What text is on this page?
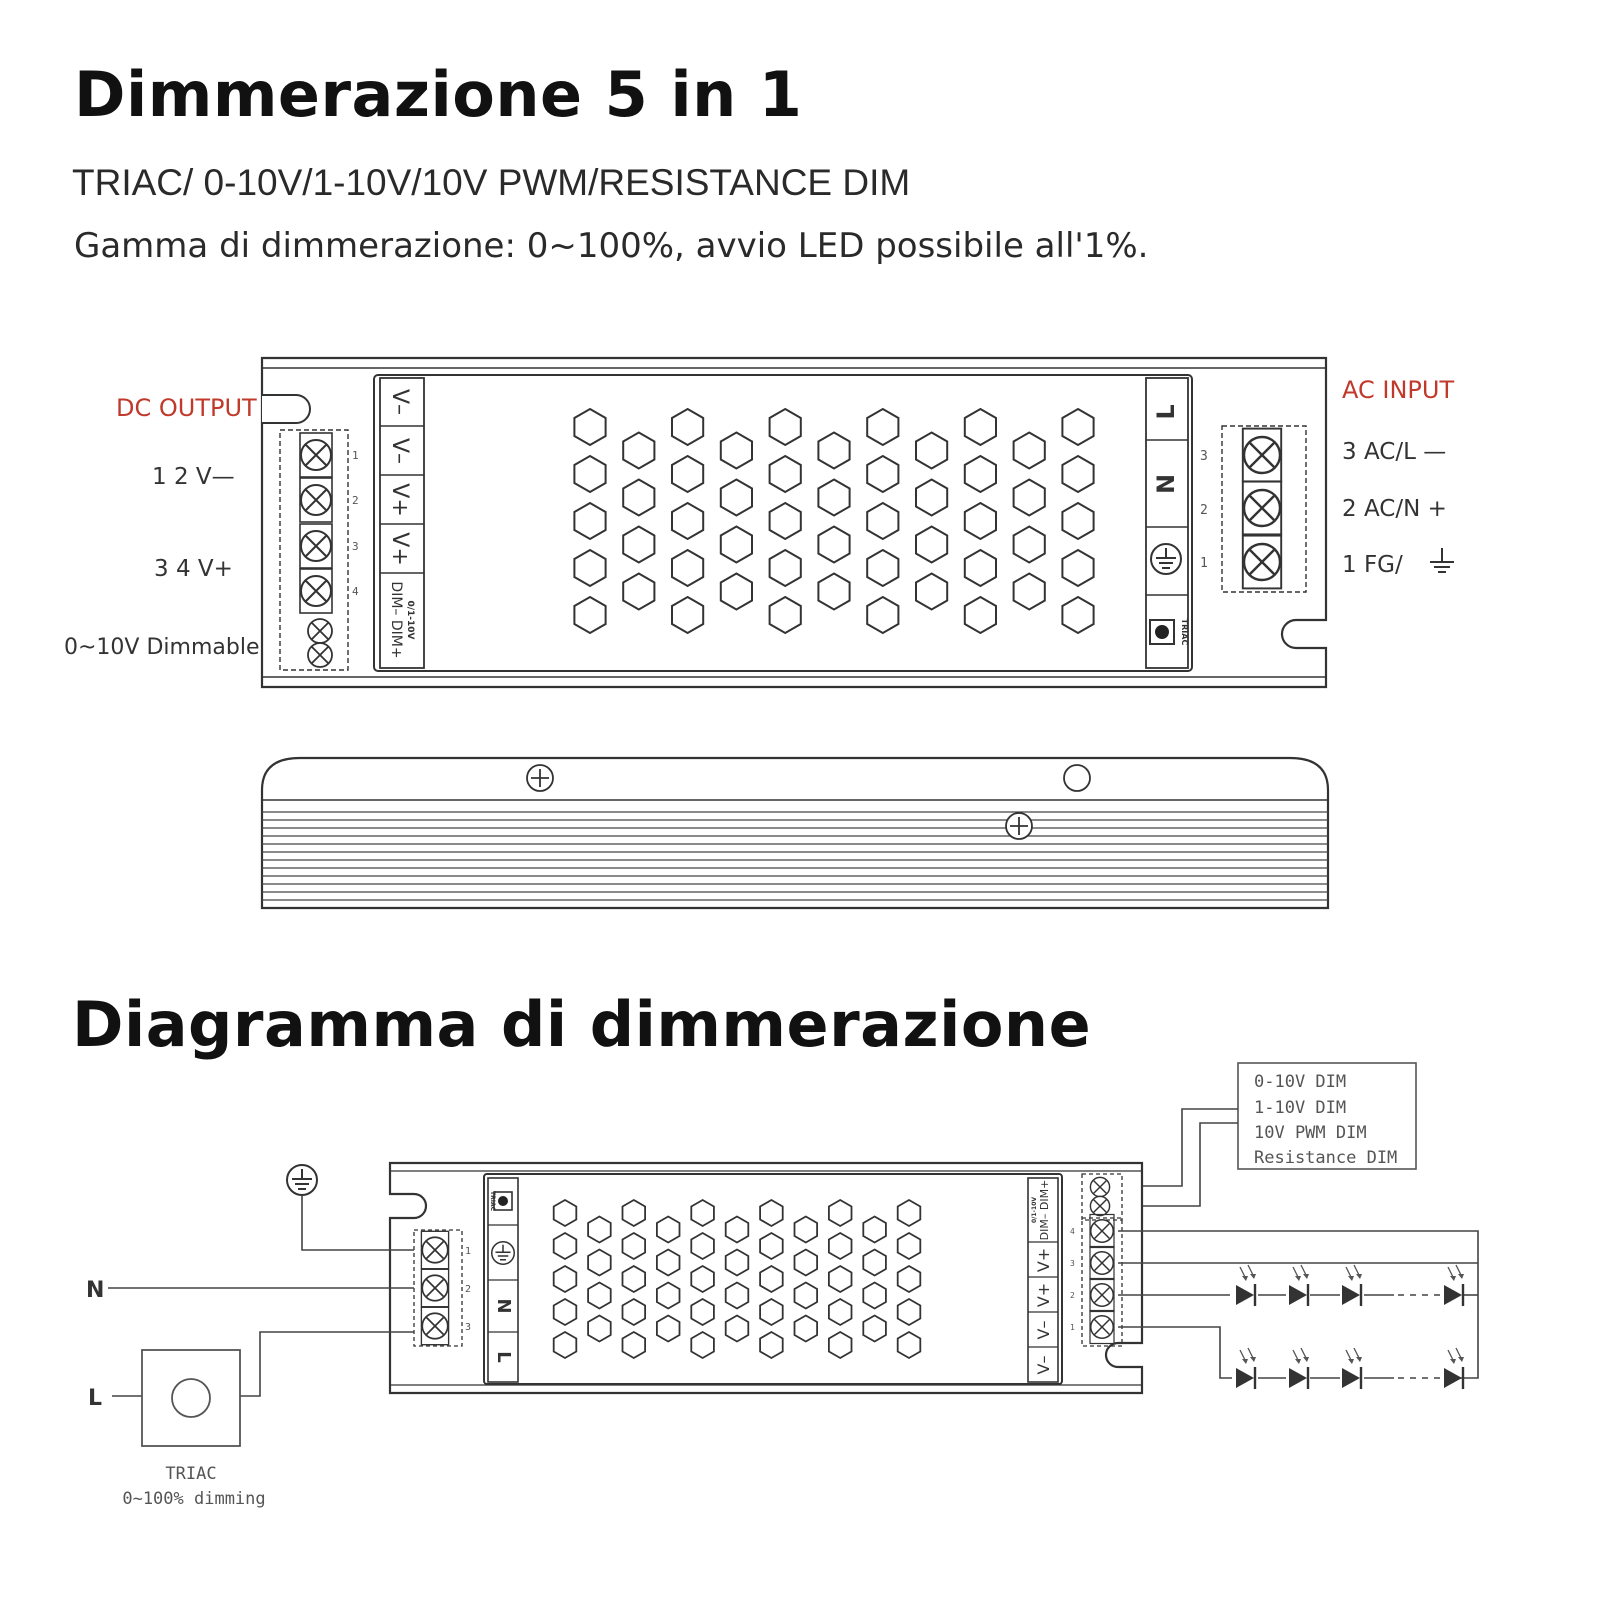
Dimmerazione 5 in 1
TRIAC/ 0-10V/1-10V/10V PWM/RESISTANCE DIM
Gamma di dimmerazione: 0~100%, avvio LED possibile all'1%.
Diagramma di dimmerazione
1
2
3
4
V–
V–
V+
V+
DIM– DIM+ 0/1-10V
L
N
TRIAC
3
2
1
DC OUTPUT
AC INPUT
1 2 V—
3 4 V+
0~10V Dimmable
3 AC/L —
2 AC/N +
1 FG/
0-10V DIM
1-10V DIM
10V PWM DIM
Resistance DIM
TRIAC
N
L
1
2
3
DIM– DIM+
0/1-10V
V+
V+
V–
V–
4
3
2
1
N
L
TRIAC
0~100% dimming
